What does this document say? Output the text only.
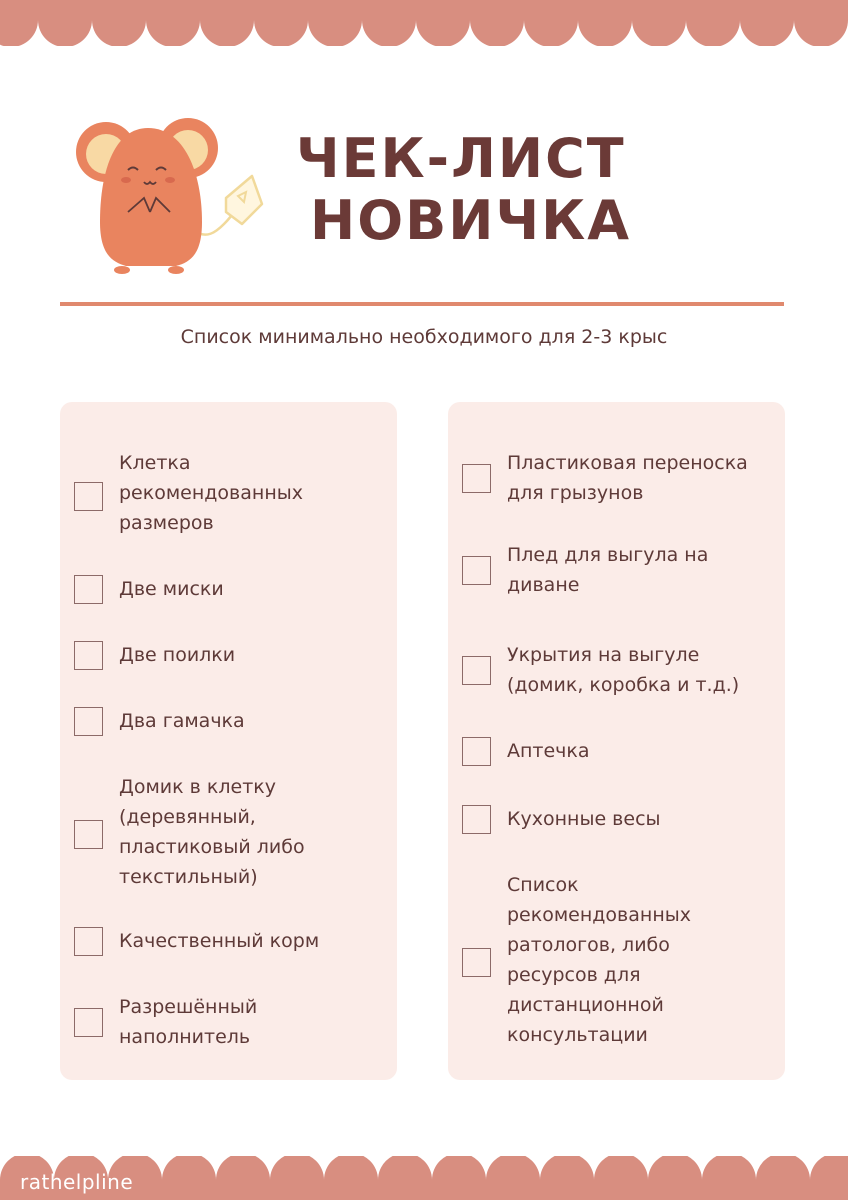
ЧЕК-ЛИСТ
НОВИЧКА
Список минимально необходимого для 2-3 крыс
Клетка
рекомендованных
размеров
Две миски
Две поилки
Два гамачка
Домик в клетку
(деревянный,
пластиковый либо
текстильный)
Качественный корм
Разрешённый
наполнитель
Пластиковая переноска
для грызунов
Плед для выгула на
диване
Укрытия на выгуле
(домик, коробка и т.д.)
Аптечка
Кухонные весы
Список
рекомендованных
ратологов, либо
ресурсов для
дистанционной
консультации
rathelpline
